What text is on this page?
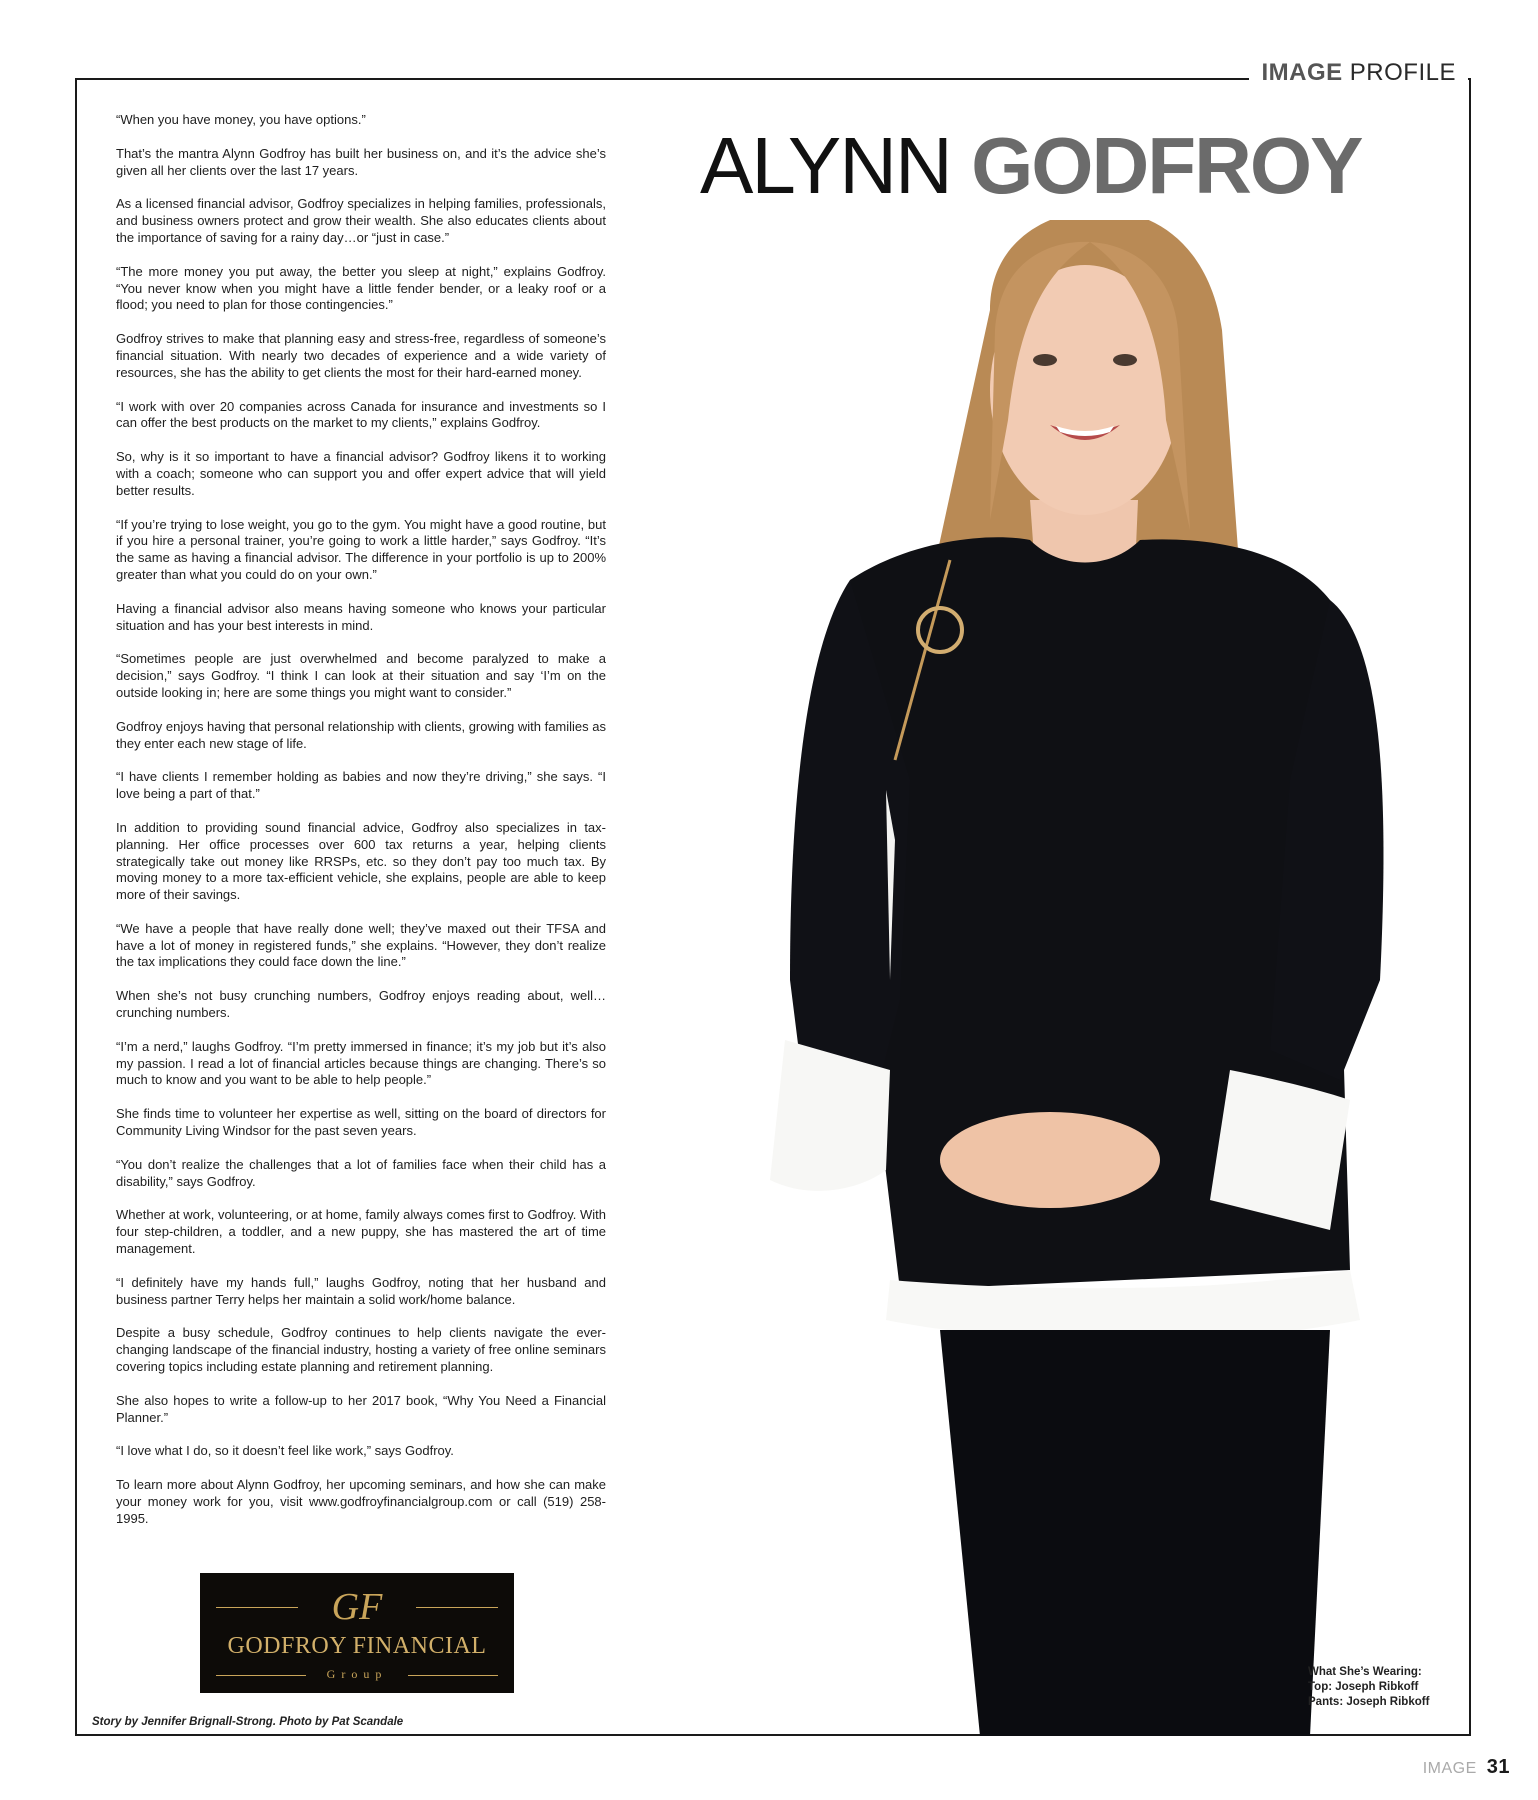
IMAGE PROFILE
ALYNN GODFROY

“When you have money, you have options.”

That’s the mantra Alynn Godfroy has built her business on, and it’s the advice she’s given all her clients over the last 17 years.

As a licensed financial advisor, Godfroy specializes in helping families, professionals, and business owners protect and grow their wealth. She also educates clients about the importance of saving for a rainy day…or “just in case.”

“The more money you put away, the better you sleep at night,” explains Godfroy. “You never know when you might have a little fender bender, or a leaky roof or a flood; you need to plan for those contingencies.”

Godfroy strives to make that planning easy and stress-free, regardless of someone’s financial situation. With nearly two decades of experience and a wide variety of resources, she has the ability to get clients the most for their hard-earned money.

“I work with over 20 companies across Canada for insurance and investments so I can offer the best products on the market to my clients,” explains Godfroy.

So, why is it so important to have a financial advisor? Godfroy likens it to working with a coach; someone who can support you and offer expert advice that will yield better results.

“If you’re trying to lose weight, you go to the gym. You might have a good routine, but if you hire a personal trainer, you’re going to work a little harder,” says Godfroy. “It’s the same as having a financial advisor. The difference in your portfolio is up to 200% greater than what you could do on your own.”

Having a financial advisor also means having someone who knows your particular situation and has your best interests in mind.

“Sometimes people are just overwhelmed and become paralyzed to make a decision,” says Godfroy. “I think I can look at their situation and say ‘I’m on the outside looking in; here are some things you might want to consider.”

Godfroy enjoys having that personal relationship with clients, growing with families as they enter each new stage of life.

“I have clients I remember holding as babies and now they’re driving,” she says. “I love being a part of that.”

In addition to providing sound financial advice, Godfroy also specializes in tax-planning. Her office processes over 600 tax returns a year, helping clients strategically take out money like RRSPs, etc. so they don’t pay too much tax. By moving money to a more tax-efficient vehicle, she explains, people are able to keep more of their savings.

“We have a people that have really done well; they’ve maxed out their TFSA and have a lot of money in registered funds,” she explains. “However, they don’t realize the tax implications they could face down the line.”

When she’s not busy crunching numbers, Godfroy enjoys reading about, well…crunching numbers.

“I’m a nerd,” laughs Godfroy. “I’m pretty immersed in finance; it’s my job but it’s also my passion. I read a lot of financial articles because things are changing. There’s so much to know and you want to be able to help people.”

She finds time to volunteer her expertise as well, sitting on the board of directors for Community Living Windsor for the past seven years.

“You don’t realize the challenges that a lot of families face when their child has a disability,” says Godfroy.

Whether at work, volunteering, or at home, family always comes first to Godfroy. With four step-children, a toddler, and a new puppy, she has mastered the art of time management.

“I definitely have my hands full,” laughs Godfroy, noting that her husband and business partner Terry helps her maintain a solid work/home balance.

Despite a busy schedule, Godfroy continues to help clients navigate the ever-changing landscape of the financial industry, hosting a variety of free online seminars covering topics including estate planning and retirement planning.

She also hopes to write a follow-up to her 2017 book, “Why You Need a Financial Planner.”

“I love what I do, so it doesn’t feel like work,” says Godfroy.

To learn more about Alynn Godfroy, her upcoming seminars, and how she can make your money work for you, visit www.godfroyfinancialgroup.com or call (519) 258-1995.

GF
GODFROY FINANCIAL
Group
Story by Jennifer Brignall-Strong. Photo by Pat Scandale
What She’s Wearing:
Top: Joseph Ribkoff
Pants: Joseph Ribkoff
IMAGE 31
